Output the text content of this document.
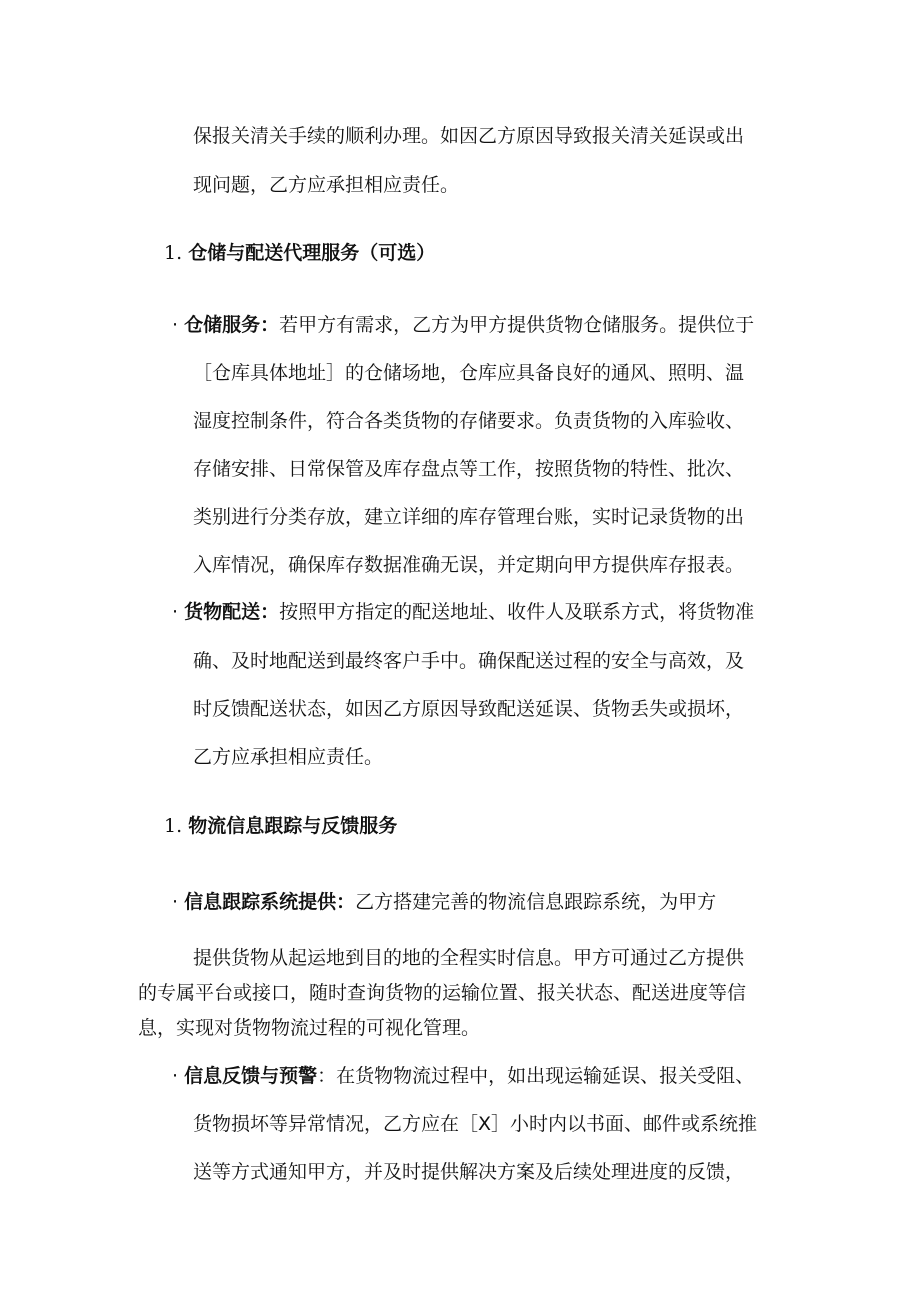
保报关清关手续的顺利办理。如因乙方原因导致报关清关延误或出
现问题，乙方应承担相应责任。
1. 仓储与配送代理服务（可选）
· 仓储服务：若甲方有需求，乙方为甲方提供货物仓储服务。提供位于
［仓库具体地址］的仓储场地，仓库应具备良好的通风、照明、温
湿度控制条件，符合各类货物的存储要求。负责货物的入库验收、
存储安排、日常保管及库存盘点等工作，按照货物的特性、批次、
类别进行分类存放，建立详细的库存管理台账，实时记录货物的出
入库情况，确保库存数据准确无误，并定期向甲方提供库存报表。
· 货物配送：按照甲方指定的配送地址、收件人及联系方式，将货物准
确、及时地配送到最终客户手中。确保配送过程的安全与高效，及
时反馈配送状态，如因乙方原因导致配送延误、货物丢失或损坏，
乙方应承担相应责任。
1. 物流信息跟踪与反馈服务
· 信息跟踪系统提供：乙方搭建完善的物流信息跟踪系统，为甲方
提供货物从起运地到目的地的全程实时信息。甲方可通过乙方提供
的专属平台或接口，随时查询货物的运输位置、报关状态、配送进度等信
息，实现对货物物流过程的可视化管理。
· 信息反馈与预警：在货物物流过程中，如出现运输延误、报关受阻、
货物损坏等异常情况，乙方应在［X］小时内以书面、邮件或系统推
送等方式通知甲方，并及时提供解决方案及后续处理进度的反馈，
